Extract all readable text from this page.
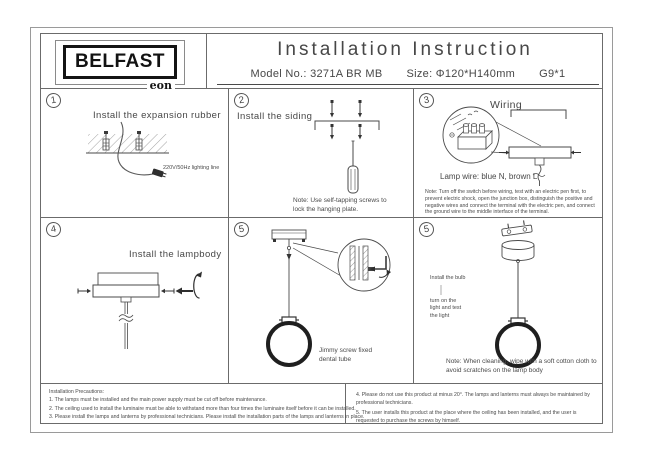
BELFAST
eon
Installation Instruction
Model No.: 3271A BR MB Size: Φ120*H140mm G9*1
1
Install the expansion rubber
220V/50Hz lighting line
2
Install the siding
Note: Use self-tapping screws to lock the hanging plate.
3	Wiring
Lamp wire: blue N, brown L
Note: Turn off the switch before wiring, test with an electric pen first, to prevent electric shock, open the junction box, distinguish the positive and negative wires and connect the terminal with the electric pen, and connect the ground wire to the middle interface of the terminal.
4
Install the lampbody
5
Jimmy screw fixed dental tube
5
Install the bulb
turn on the light and test the light
Note: When cleaning, wipe with a soft cotton cloth to avoid scratches on the lamp body
Installation Precautions:
1. The lamps must be installed and the main power supply must be cut off before maintenance.
2. The ceiling used to install the luminaire must be able to withstand more than four times the luminaire itself before it can be installed.
3. Please install the lamps and lanterns by professional technicians. Please install the installation parts of the lamps and lanterns in place.
4. Please do not use this product at minus 20°. The lamps and lanterns must always be maintained by professional technicians.
5. The user installs this product at the place where the ceiling has been installed, and the user is requested to purchase the screws by himself.
